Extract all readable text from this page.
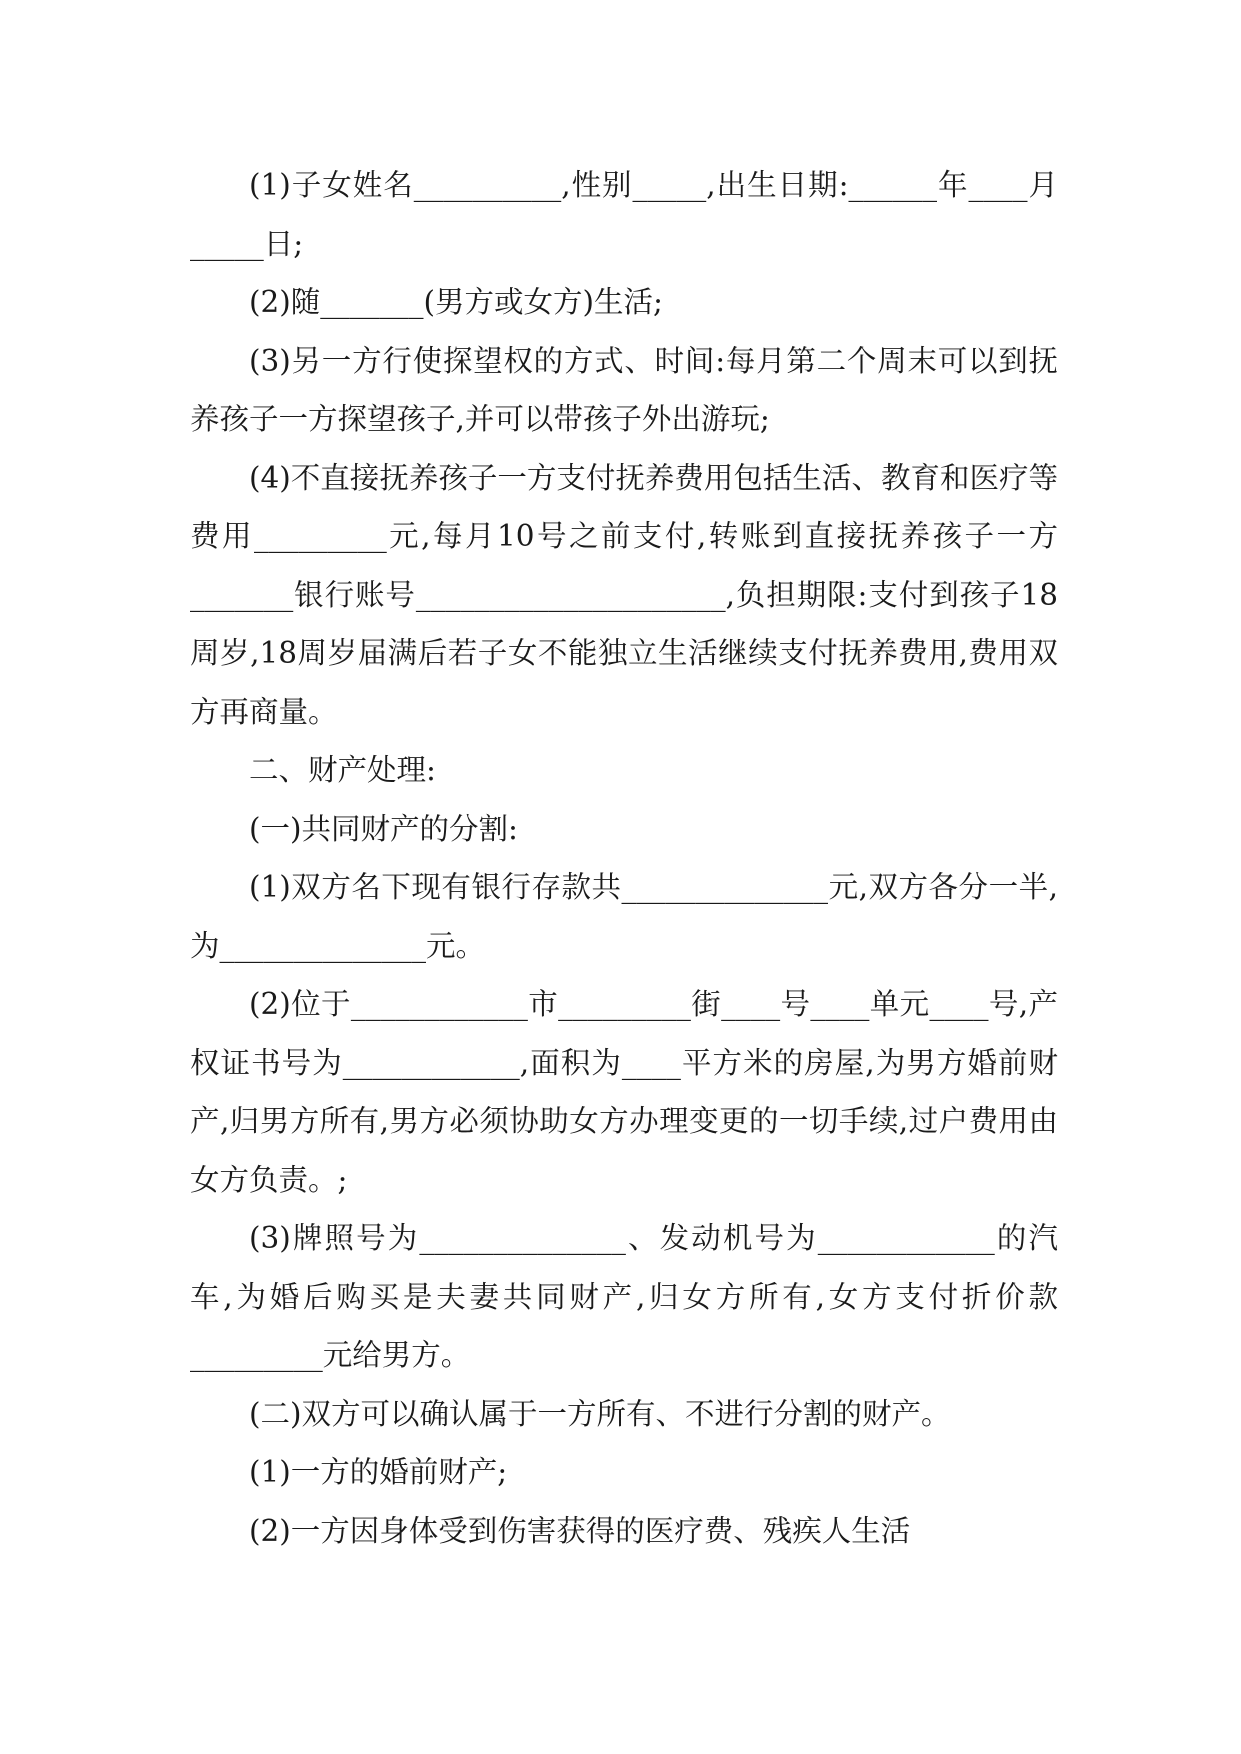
(1)子女姓名__________,性别_____,出生日期:______年____月_____日;

(2)随_______(男方或女方)生活;

(3)另一方行使探望权的方式、时间:每月第二个周末可以到抚养孩子一方探望孩子,并可以带孩子外出游玩;

(4)不直接抚养孩子一方支付抚养费用包括生活、教育和医疗等费用_________元,每月10号之前支付,转账到直接抚养孩子一方_______银行账号_____________________,负担期限:支付到孩子18周岁,18周岁届满后若子女不能独立生活继续支付抚养费用,费用双方再商量。

二、财产处理:

(一)共同财产的分割:

(1)双方名下现有银行存款共______________元,双方各分一半,为______________元。

(2)位于____________市_________街____号____单元____号,产权证书号为____________,面积为____平方米的房屋,为男方婚前财产,归男方所有,男方必须协助女方办理变更的一切手续,过户费用由女方负责。;

(3)牌照号为______________、发动机号为____________的汽车,为婚后购买是夫妻共同财产,归女方所有,女方支付折价款_________元给男方。

(二)双方可以确认属于一方所有、不进行分割的财产。

(1)一方的婚前财产;

(2)一方因身体受到伤害获得的医疗费、残疾人生活
